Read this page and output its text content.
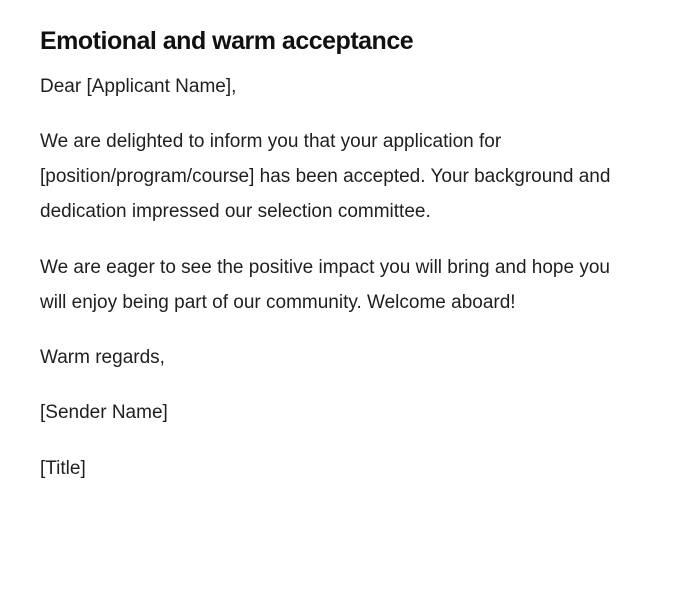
Emotional and warm acceptance

Dear [Applicant Name],

We are delighted to inform you that your application for [position/program/course] has been accepted. Your background and dedication impressed our selection committee.

We are eager to see the positive impact you will bring and hope you will enjoy being part of our community. Welcome aboard!

Warm regards,

[Sender Name]

[Title]
